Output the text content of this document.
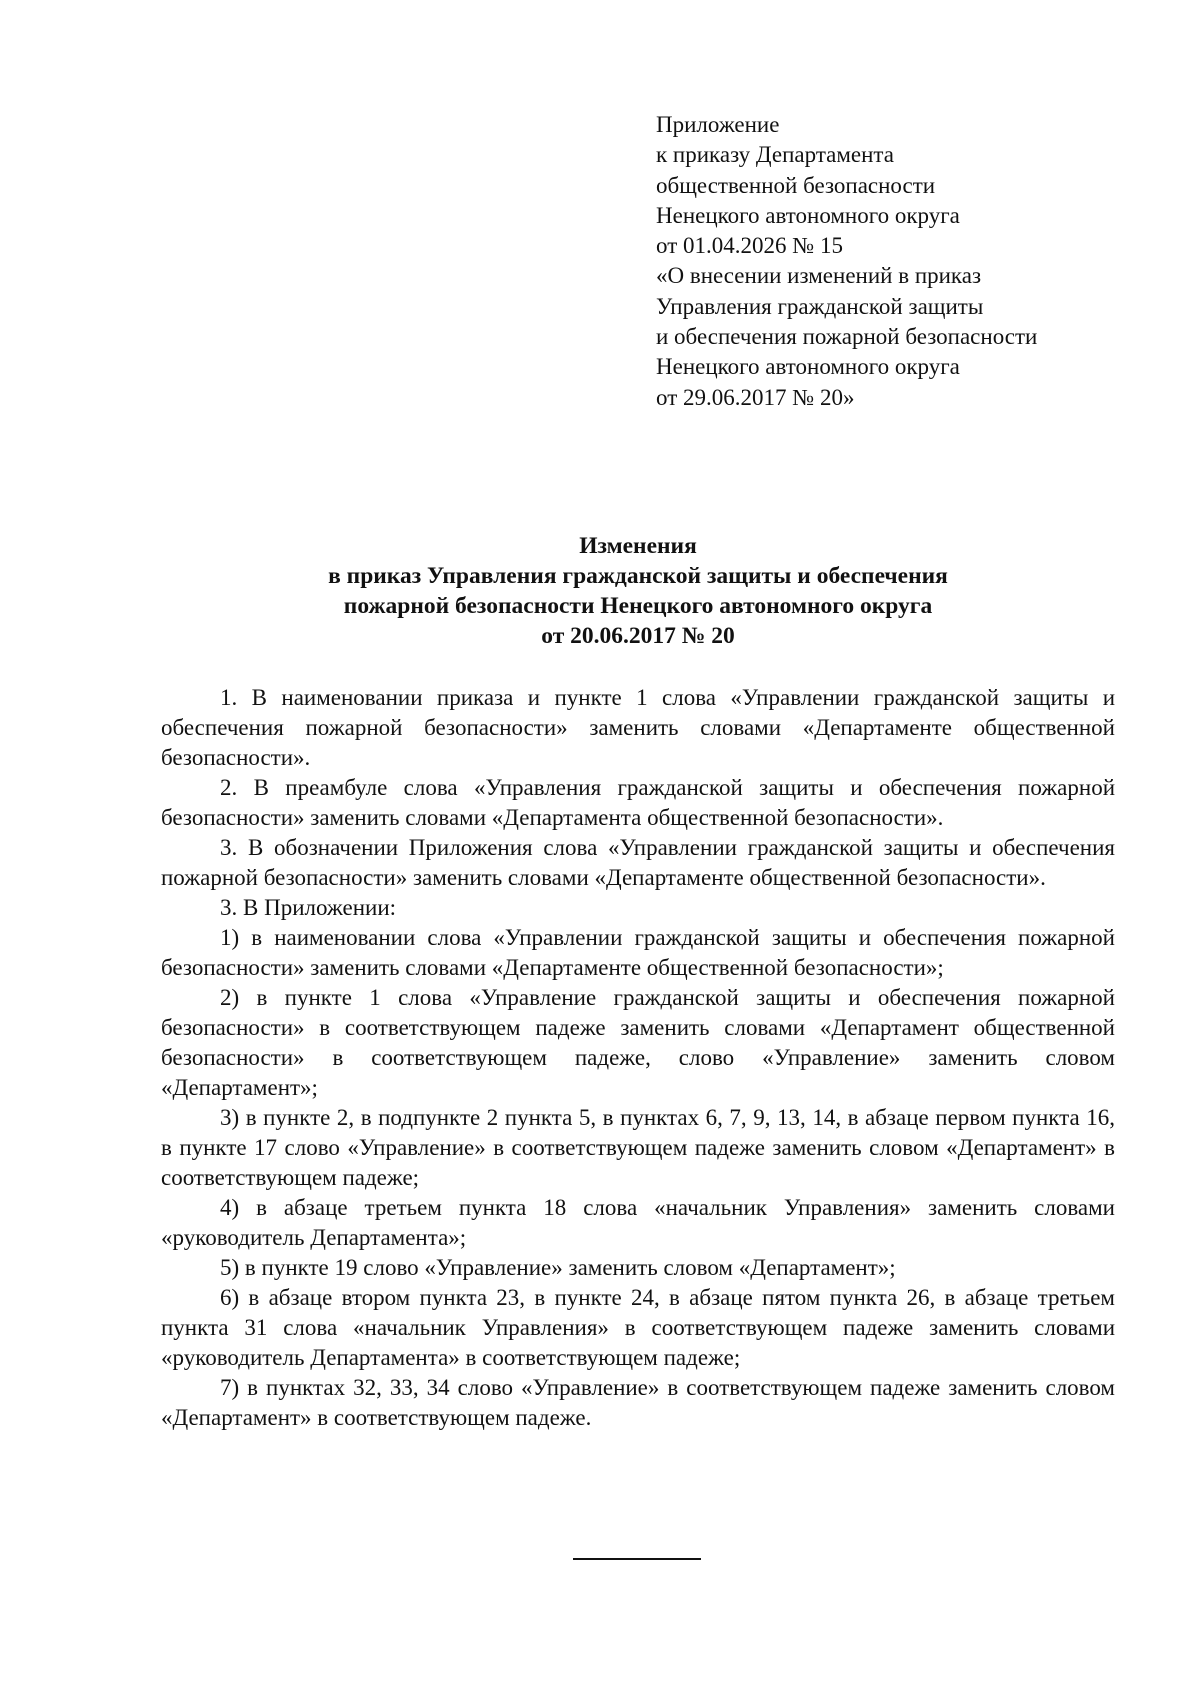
Приложение
к приказу Департамента
общественной безопасности
Ненецкого автономного округа
от 01.04.2026 № 15
«О внесении изменений в приказ
Управления гражданской защиты
и обеспечения пожарной безопасности
Ненецкого автономного округа
от 29.06.2017 № 20»
Изменения
в приказ Управления гражданской защиты и обеспечения
пожарной безопасности Ненецкого автономного округа
от 20.06.2017 № 20

1. В наименовании приказа и пункте 1 слова «Управлении гражданской защиты и обеспечения пожарной безопасности» заменить словами «Департаменте общественной безопасности».

2. В преамбуле слова «Управления гражданской защиты и обеспечения пожарной безопасности» заменить словами «Департамента общественной безопасности».

3. В обозначении Приложения слова «Управлении гражданской защиты и обеспечения пожарной безопасности» заменить словами «Департаменте общественной безопасности».

3. В Приложении:

1) в наименовании слова «Управлении гражданской защиты и обеспечения пожарной безопасности» заменить словами «Департаменте общественной безопасности»;

2) в пункте 1 слова «Управление гражданской защиты и обеспечения пожарной безопасности» в соответствующем падеже заменить словами «Департамент общественной безопасности» в соответствующем падеже, слово «Управление» заменить словом «Департамент»;

3) в пункте 2, в подпункте 2 пункта 5, в пунктах 6, 7, 9, 13, 14, в абзаце первом пункта 16, в пункте 17 слово «Управление» в соответствующем падеже заменить словом «Департамент» в соответствующем падеже;

4) в абзаце третьем пункта 18 слова «начальник Управления» заменить словами «руководитель Департамента»;

5) в пункте 19 слово «Управление» заменить словом «Департамент»;

6) в абзаце втором пункта 23, в пункте 24, в абзаце пятом пункта 26, в абзаце третьем пункта 31 слова «начальник Управления» в соответствующем падеже заменить словами «руководитель Департамента» в соответствующем падеже;

7) в пунктах 32, 33, 34 слово «Управление» в соответствующем падеже заменить словом «Департамент» в соответствующем падеже.
